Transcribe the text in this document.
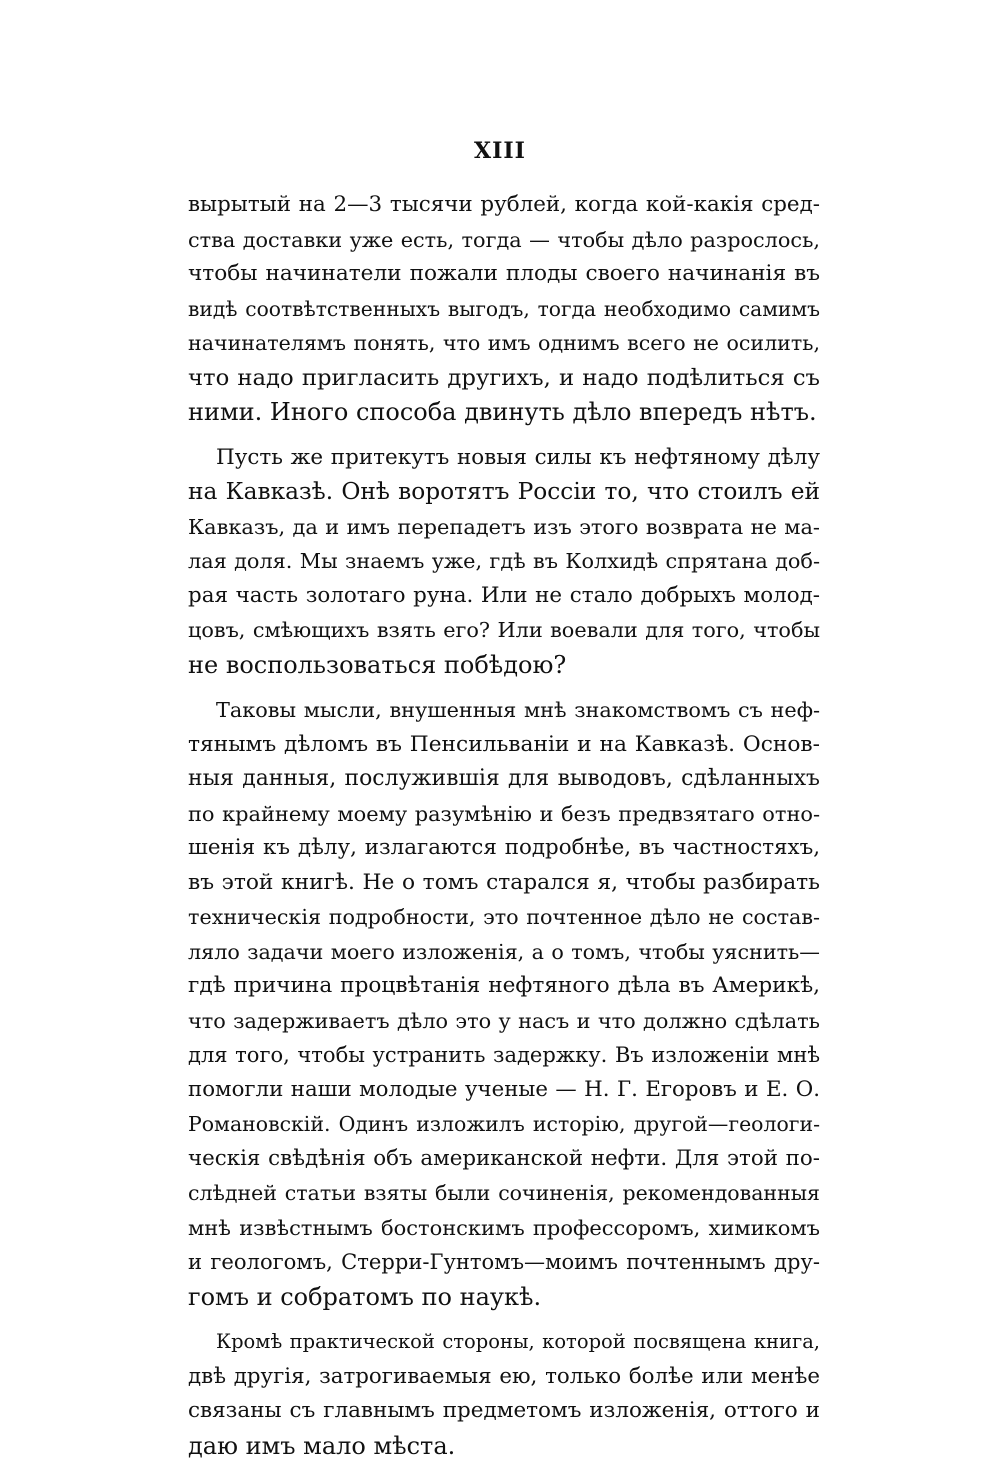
XIII
вырытый на 2—3 тысячи рублей, когда кой-какія сред-
ства доставки уже есть, тогда — чтобы дѣло разрослось,
чтобы начинатели пожали плоды своего начинанія въ
видѣ соотвѣтственныхъ выгодъ, тогда необходимо самимъ
начинателямъ понять, что имъ однимъ всего не осилить,
что надо пригласить другихъ, и надо подѣлиться съ
ними. Иного способа двинуть дѣло впередъ нѣтъ.
Пусть же притекутъ новыя силы къ нефтяному дѣлу
на Кавказѣ. Онѣ воротятъ Россіи то, что стоилъ ей
Кавказъ, да и имъ перепадетъ изъ этого возврата не ма-
лая доля. Мы знаемъ уже, гдѣ въ Колхидѣ спрятана доб-
рая часть золотаго руна. Или не стало добрыхъ молод-
цовъ, смѣющихъ взять его? Или воевали для того, чтобы
не воспользоваться побѣдою?
Таковы мысли, внушенныя мнѣ знакомствомъ съ неф-
тянымъ дѣломъ въ Пенсильваніи и на Кавказѣ. Основ-
ныя данныя, послужившія для выводовъ, сдѣланныхъ
по крайнему моему разумѣнію и безъ предвзятаго отно-
шенія къ дѣлу, излагаются подробнѣе, въ частностяхъ,
въ этой книгѣ. Не о томъ старался я, чтобы разбирать
техническія подробности, это почтенное дѣло не состав-
ляло задачи моего изложенія, а о томъ, чтобы уяснить—
гдѣ причина процвѣтанія нефтяного дѣла въ Америкѣ,
что задерживаетъ дѣло это у насъ и что должно сдѣлать
для того, чтобы устранить задержку. Въ изложеніи мнѣ
помогли наши молодые ученые — Н. Г. Егоровъ и Е. О.
Романовскій. Одинъ изложилъ исторію, другой—геологи-
ческія свѣдѣнія объ американской нефти. Для этой по-
слѣдней статьи взяты были сочиненія, рекомендованныя
мнѣ извѣстнымъ бостонскимъ профессоромъ, химикомъ
и геологомъ, Стерри-Гунтомъ—моимъ почтеннымъ дру-
гомъ и собратомъ по наукѣ.
Кромѣ практической стороны, которой посвящена книга,
двѣ другія, затрогиваемыя ею, только болѣе или менѣе
связаны съ главнымъ предметомъ изложенія, оттого и
даю имъ мало мѣста.
